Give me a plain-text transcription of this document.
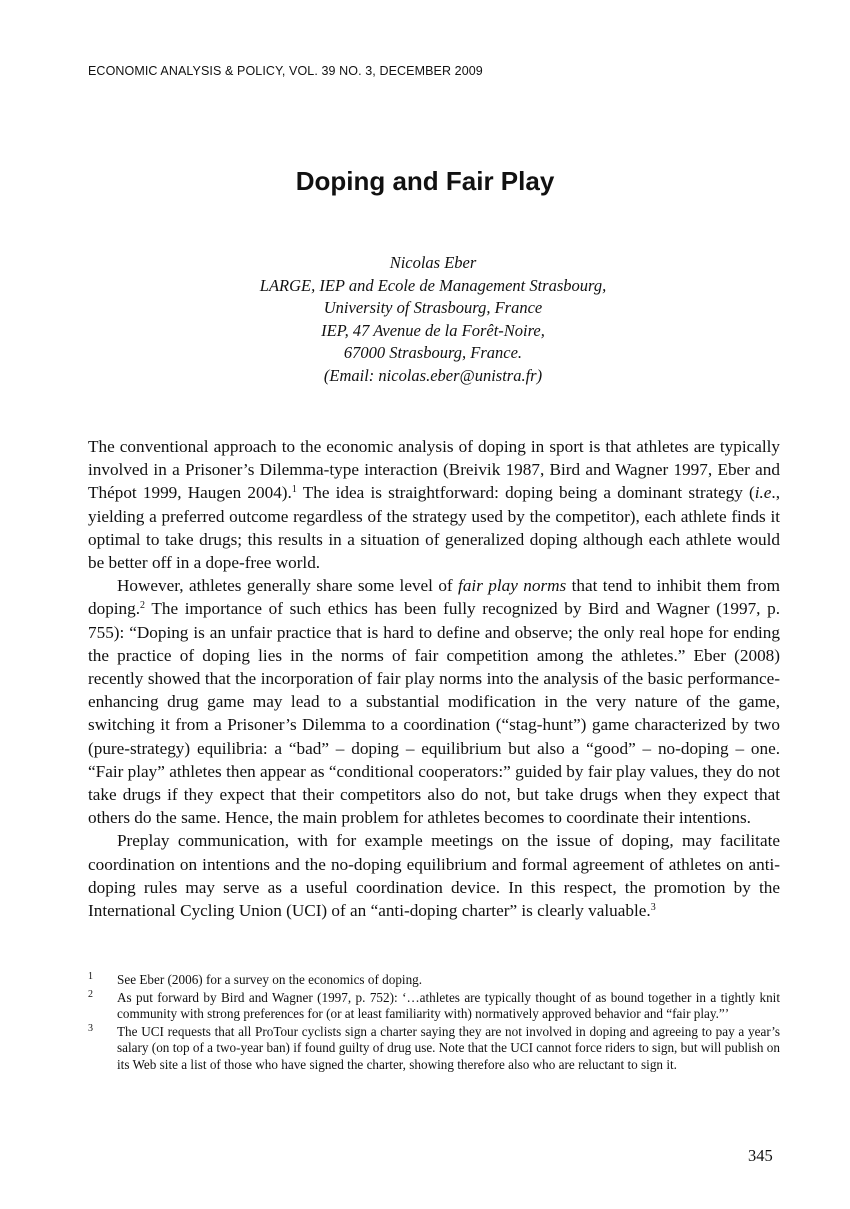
ECONOMIC ANALYSIS & POLICY, VOL. 39 NO. 3, DECEMBER 2009
Doping and Fair Play
Nicolas Eber
LARGE, IEP and Ecole de Management Strasbourg,
University of Strasbourg, France
IEP, 47 Avenue de la Forêt-Noire,
67000 Strasbourg, France.
(Email: nicolas.eber@unistra.fr)

The conventional approach to the economic analysis of doping in sport is that athletes are typically involved in a Prisoner’s Dilemma-type interaction (Breivik 1987, Bird and Wagner 1997, Eber and Thépot 1999, Haugen 2004).$^1$ The idea is straightforward: doping being a dominant strategy (i.e., yielding a preferred outcome regardless of the strategy used by the competitor), each athlete finds it optimal to take drugs; this results in a situation of generalized doping although each athlete would be better off in a dope-free world.

However, athletes generally share some level of fair play norms that tend to inhibit them from doping.$^2$ The importance of such ethics has been fully recognized by Bird and Wagner (1997, p. 755): “Doping is an unfair practice that is hard to define and observe; the only real hope for ending the practice of doping lies in the norms of fair competition among the athletes.” Eber (2008) recently showed that the incorporation of fair play norms into the analysis of the basic performance-enhancing drug game may lead to a substantial modification in the very nature of the game, switching it from a Prisoner’s Dilemma to a coordination (“stag-hunt”) game characterized by two (pure-strategy) equilibria: a “bad” – doping – equilibrium but also a “good” – no-doping – one. “Fair play” athletes then appear as “conditional cooperators:” guided by fair play values, they do not take drugs if they expect that their competitors also do not, but take drugs when they expect that others do the same. Hence, the main problem for athletes becomes to coordinate their intentions.

Preplay communication, with for example meetings on the issue of doping, may facilitate coordination on intentions and the no-doping equilibrium and formal agreement of athletes on anti-doping rules may serve as a useful coordination device. In this respect, the promotion by the International Cycling Union (UCI) of an “anti-doping charter” is clearly valuable.$^3$

1 See Eber (2006) for a survey on the economics of doping.
2 As put forward by Bird and Wagner (1997, p. 752): ‘…athletes are typically thought of as bound together in a tightly knit community with strong preferences for (or at least familiarity with) normatively approved behavior and “fair play.”’
3 The UCI requests that all ProTour cyclists sign a charter saying they are not involved in doping and agreeing to pay a year’s salary (on top of a two-year ban) if found guilty of drug use. Note that the UCI cannot force riders to sign, but will publish on its Web site a list of those who have signed the charter, showing therefore also who are reluctant to sign it.
345
